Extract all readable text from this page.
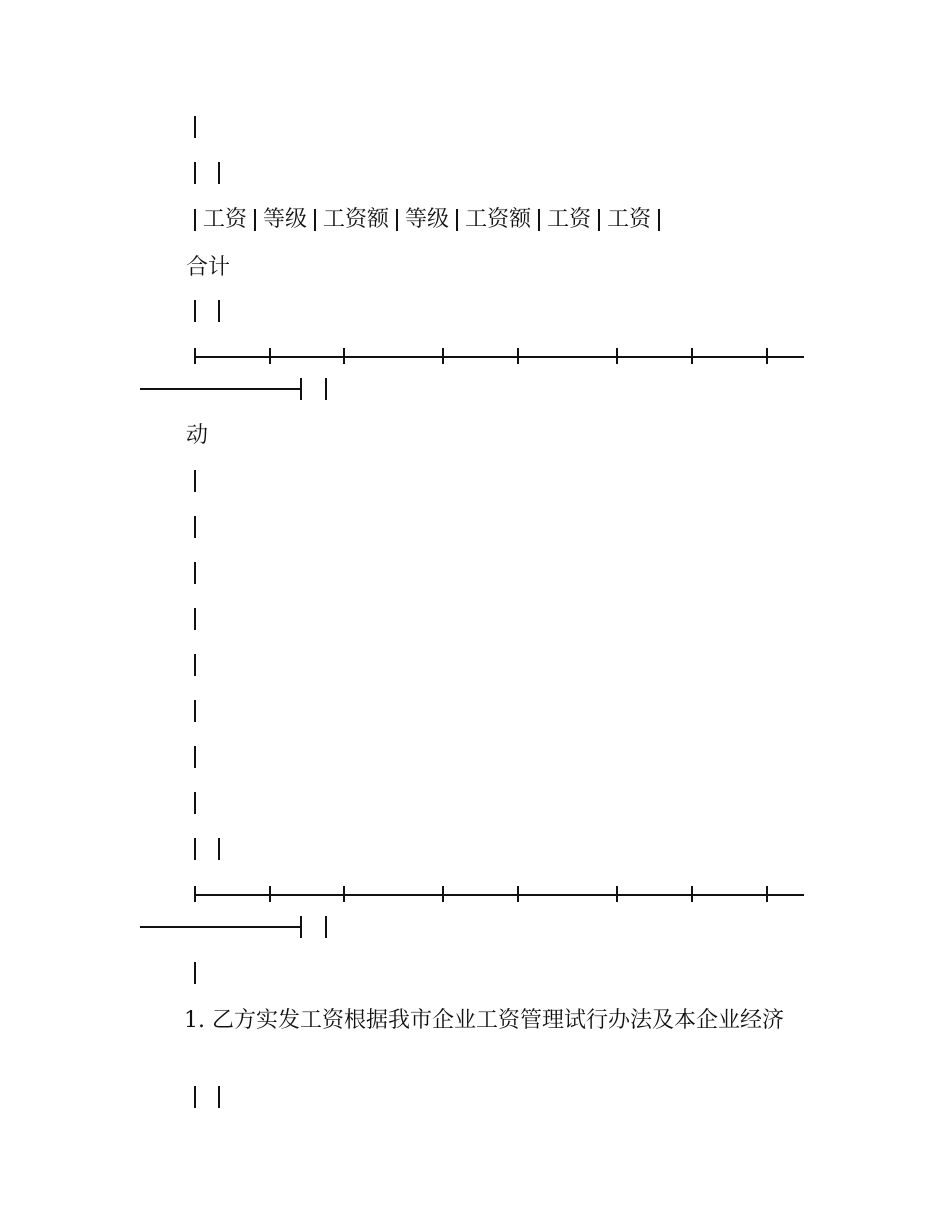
工资 等级 工资额 等级 工资额 工资 工资
合计
动
1. 乙方实发工资根据我市企业工资管理试行办法及本企业经济
